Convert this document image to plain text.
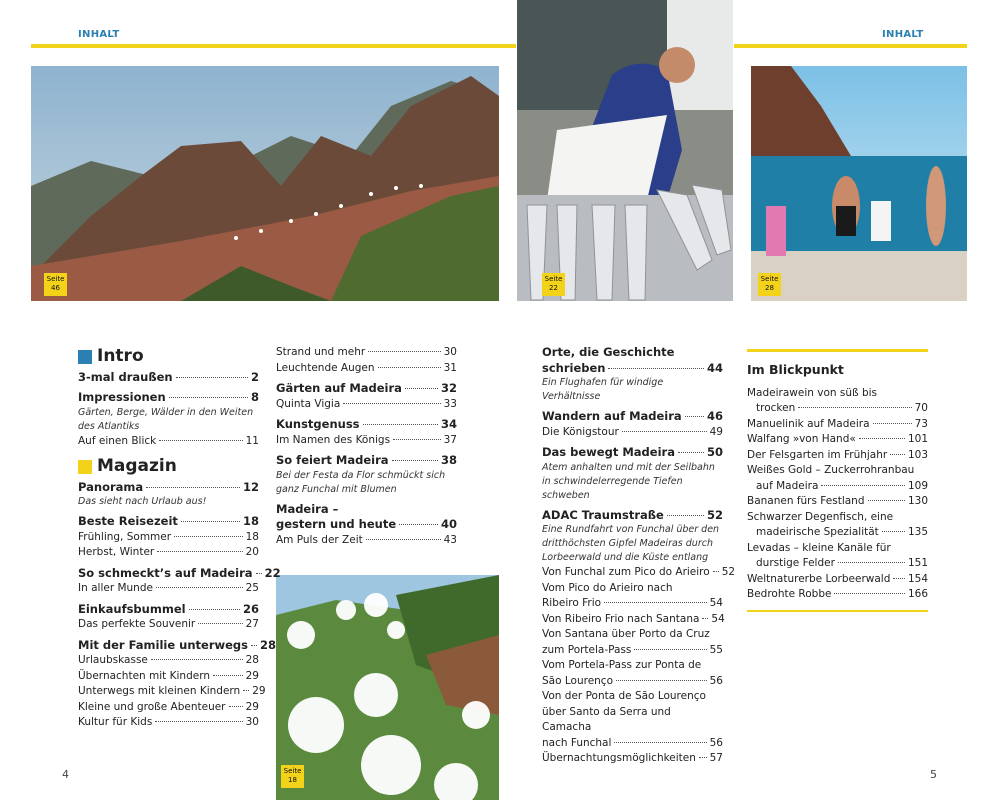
INHALT	INHALT
Seite
46
Seite
22
Seite
28
Seite
18
Intro
3-mal draußen	2
Impressionen	8
Gärten, Berge, Wälder in den Weiten des Atlantiks
Auf einen Blick	11
Magazin
Panorama	12
Das sieht nach Urlaub aus!
Beste Reisezeit	18
Frühling, Sommer	18
Herbst, Winter	20
So schmeckt’s auf Madeira 22
In aller Munde	25
Einkaufsbummel	26
Das perfekte Souvenir	27
Mit der Familie unterwegs 28
Urlaubskasse	28
Übernachten mit Kindern	29
Unterwegs mit kleinen Kindern 29
Kleine und große Abenteuer 29
Kultur für Kids	30
Strand und mehr	30
Leuchtende Augen	31
Gärten auf Madeira	32
Quinta Vigia	33
Kunstgenuss	34
Im Namen des Königs	37
So feiert Madeira	38
Bei der Festa da Flor schmückt sich ganz Funchal mit Blumen
Madeira –
gestern und heute	40
Am Puls der Zeit	43
Orte, die Geschichte
schrieben	44
Ein Flughafen für windige Verhältnisse
Wandern auf Madeira 46
Die Königstour	49
Das bewegt Madeira	50
Atem anhalten und mit der Seilbahn in schwindelerregende Tiefen schweben
ADAC Traumstraße	52
Eine Rundfahrt von Funchal über den dritthöchsten Gipfel Madeiras durch Lorbeerwald und die Küste entlang
Von Funchal zum Pico do Arieiro 52
Vom Pico do Arieiro nach
Ribeiro Frio	54
Von Ribeiro Frio nach Santana 54
Von Santana über Porto da Cruz
zum Portela-Pass	55
Vom Portela-Pass zur Ponta de
São Lourenço	56
Von der Ponta de São Lourenço
über Santo da Serra und Camacha
nach Funchal	56
Übernachtungsmöglichkeiten 57
Im Blickpunkt
Madeirawein von süß bis
trocken	70
Manuelinik auf Madeira	73
Walfang »von Hand«	101
Der Felsgarten im Frühjahr 103
Weißes Gold – Zuckerrohranbau
auf Madeira	109
Bananen fürs Festland	130
Schwarzer Degenfisch, eine
madeirische Spezialität	135
Levadas – kleine Kanäle für
durstige Felder	151
Weltnaturerbe Lorbeerwald 154
Bedrohte Robbe	166
4	5
